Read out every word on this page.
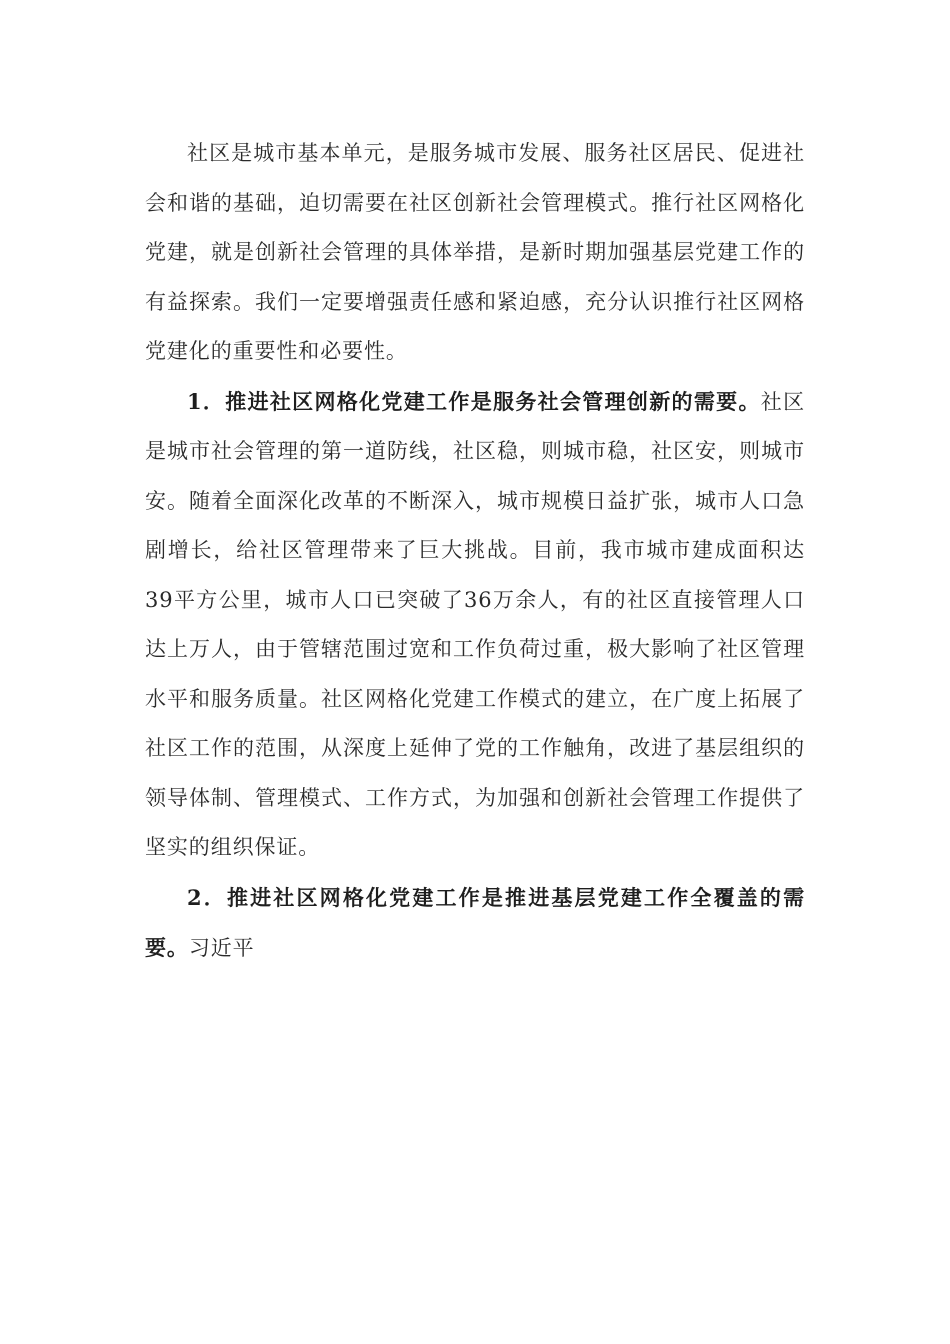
社区是城市基本单元，是服务城市发展、服务社区居民、促进社会和谐的基础，迫切需要在社区创新社会管理模式。推行社区网格化党建，就是创新社会管理的具体举措，是新时期加强基层党建工作的有益探索。我们一定要增强责任感和紧迫感，充分认识推行社区网格党建化的重要性和必要性。

1．推进社区网格化党建工作是服务社会管理创新的需要。社区是城市社会管理的第一道防线，社区稳，则城市稳，社区安，则城市安。随着全面深化改革的不断深入，城市规模日益扩张，城市人口急剧增长，给社区管理带来了巨大挑战。目前，我市城市建成面积达39平方公里，城市人口已突破了36万余人，有的社区直接管理人口达上万人，由于管辖范围过宽和工作负荷过重，极大影响了社区管理水平和服务质量。社区网格化党建工作模式的建立，在广度上拓展了社区工作的范围，从深度上延伸了党的工作触角，改进了基层组织的领导体制、管理模式、工作方式，为加强和创新社会管理工作提供了坚实的组织保证。

2．推进社区网格化党建工作是推进基层党建工作全覆盖的需要。习近平
